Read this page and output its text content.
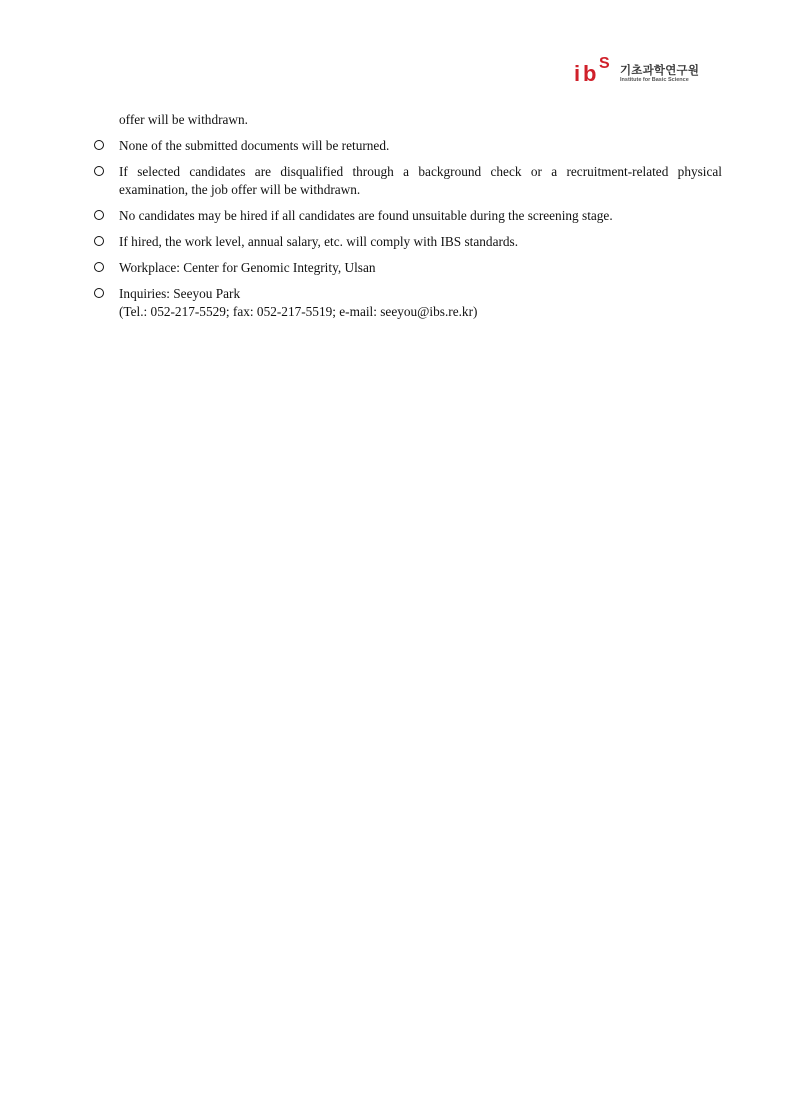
i b S 기초과학연구원
Institute for Basic Science
offer will be withdrawn.
None of the submitted documents will be returned.
If selected candidates are disqualified through a background check or a recruitment-related physical examination, the job offer will be withdrawn.
No candidates may be hired if all candidates are found unsuitable during the screening stage.
If hired, the work level, annual salary, etc. will comply with IBS standards.
Workplace: Center for Genomic Integrity, Ulsan
Inquiries: Seeyou Park
(Tel.: 052-217-5529; fax: 052-217-5519; e-mail: seeyou@ibs.re.kr)
